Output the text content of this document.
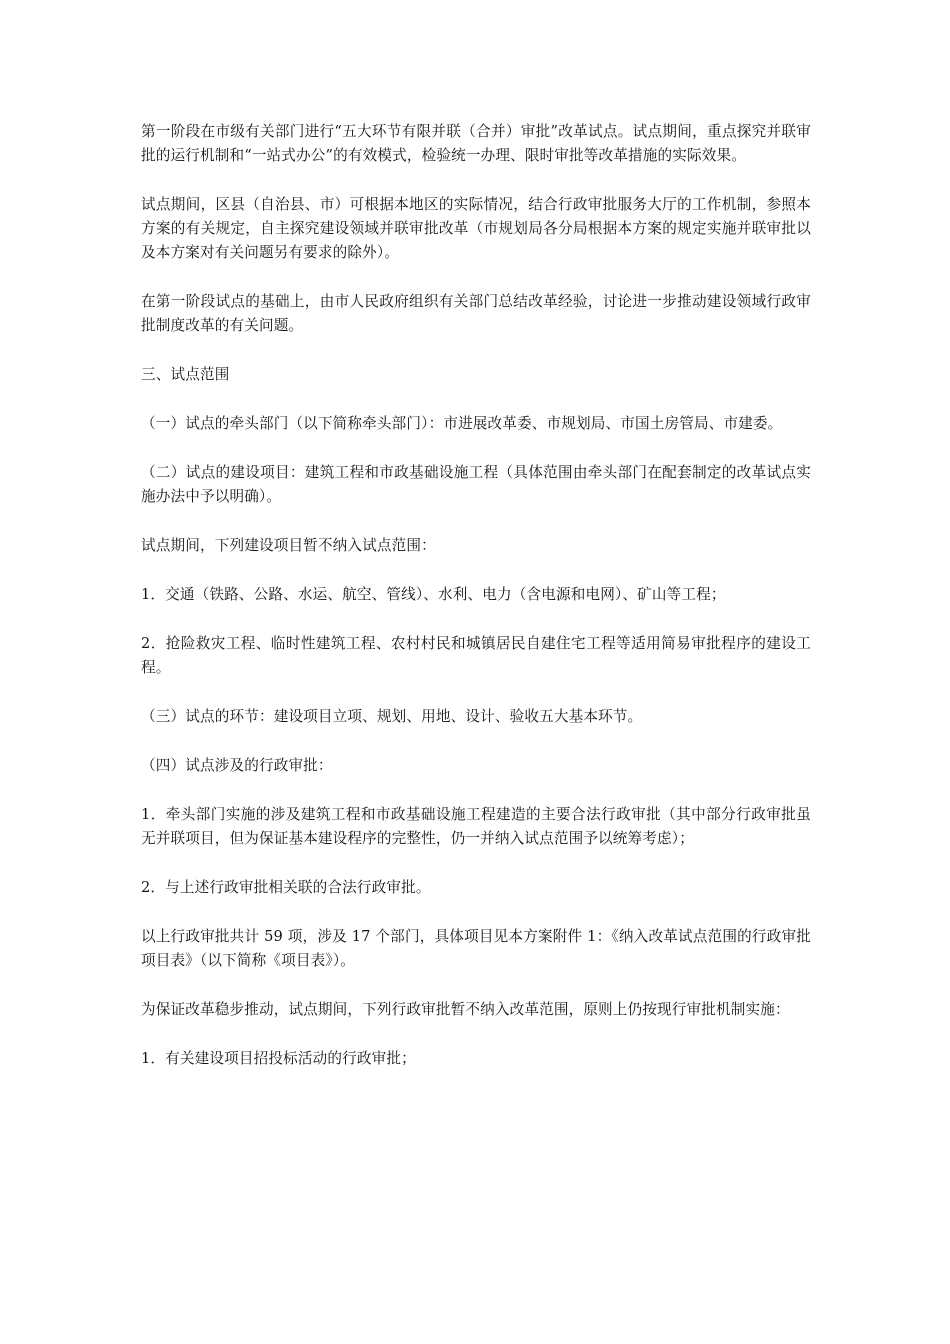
第一阶段在市级有关部门进行“五大环节有限并联（合并）审批”改革试点。试点期间，重点探究并联审批的运行机制和“一站式办公”的有效模式，检验统一办理、限时审批等改革措施的实际效果。

试点期间，区县（自治县、市）可根据本地区的实际情况，结合行政审批服务大厅的工作机制，参照本方案的有关规定，自主探究建设领域并联审批改革（市规划局各分局根据本方案的规定实施并联审批以及本方案对有关问题另有要求的除外）。

在第一阶段试点的基础上，由市人民政府组织有关部门总结改革经验，讨论进一步推动建设领域行政审批制度改革的有关问题。

三、试点范围

（一）试点的牵头部门（以下简称牵头部门）：市进展改革委、市规划局、市国土房管局、市建委。

（二）试点的建设项目：建筑工程和市政基础设施工程（具体范围由牵头部门在配套制定的改革试点实施办法中予以明确）。

试点期间，下列建设项目暂不纳入试点范围：

1．交通（铁路、公路、水运、航空、管线）、水利、电力（含电源和电网）、矿山等工程；

2．抢险救灾工程、临时性建筑工程、农村村民和城镇居民自建住宅工程等适用简易审批程序的建设工程。

（三）试点的环节：建设项目立项、规划、用地、设计、验收五大基本环节。

（四）试点涉及的行政审批：

1．牵头部门实施的涉及建筑工程和市政基础设施工程建造的主要合法行政审批（其中部分行政审批虽无并联项目，但为保证基本建设程序的完整性，仍一并纳入试点范围予以统筹考虑）；

2．与上述行政审批相关联的合法行政审批。

以上行政审批共计 59 项，涉及 17 个部门，具体项目见本方案附件 1：《纳入改革试点范围的行政审批项目表》（以下简称《项目表》）。

为保证改革稳步推动，试点期间，下列行政审批暂不纳入改革范围，原则上仍按现行审批机制实施：

1．有关建设项目招投标活动的行政审批；
